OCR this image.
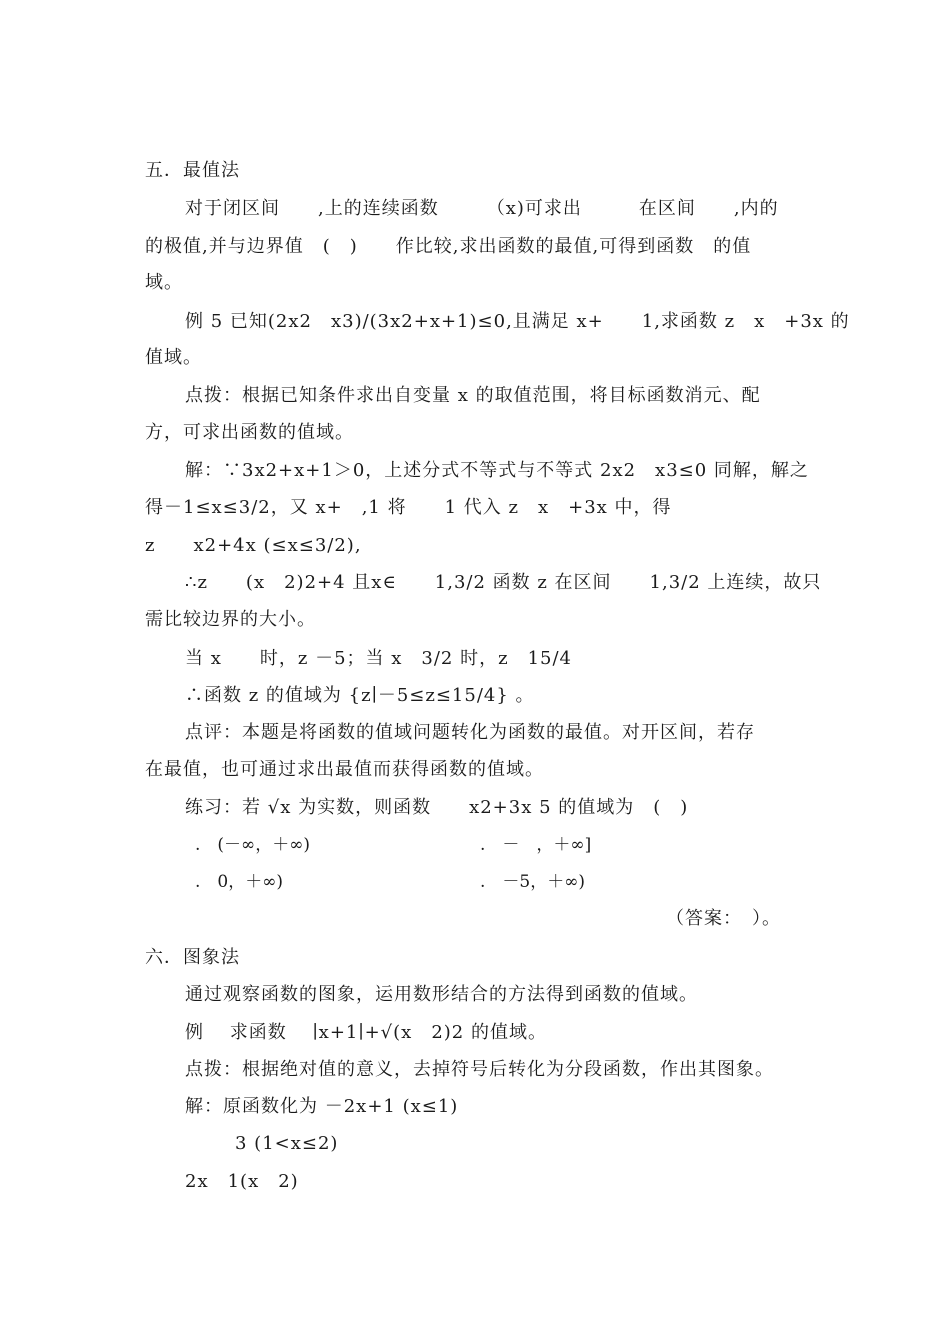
五．最值法
对于闭区间　　,上的连续函数　　　（x)可求出　　　在区间　　,内的
的极值,并与边界值　(　)　　作比较,求出函数的最值,可得到函数　的值
域。
例 5 已知(2x2　x3)/(3x2+x+1)≤0,且满足 x+　　1,求函数 z　x　+3x 的
值域。
点拨：根据已知条件求出自变量 x 的取值范围，将目标函数消元、配
方，可求出函数的值域。
解：∵3x2+x+1＞0，上述分式不等式与不等式 2x2　x3≤0 同解，解之
得－1≤x≤3/2，又 x+　,1 将　　1 代入 z　x　+3x 中，得
z　　x2+4x (≤x≤3/2),
∴z　　(x　2)2+4 且x∈　　1,3/2 函数 z 在区间　　1,3/2 上连续，故只
需比较边界的大小。
当 x　　时，z －5；当 x　3/2 时，z　15/4
∴函数 z 的值域为 {z∣－5≤z≤15/4} 。
点评：本题是将函数的值域问题转化为函数的最值。对开区间，若存
在最值，也可通过求出最值而获得函数的值域。
练习：若 √x 为实数，则函数　　x2+3x 5 的值域为　(　)
.　(－∞，＋∞)	.　－　，＋∞]
.　0，＋∞)	.　－5，＋∞)
（答案：　）。
六．图象法
通过观察函数的图象，运用数形结合的方法得到函数的值域。
例　 求函数　 ∣x+1∣+√(x　2)2 的值域。
点拨：根据绝对值的意义，去掉符号后转化为分段函数，作出其图象。
解：原函数化为 －2x+1 (x≤1)
3 (1<x≤2)
2x　1(x　2)
